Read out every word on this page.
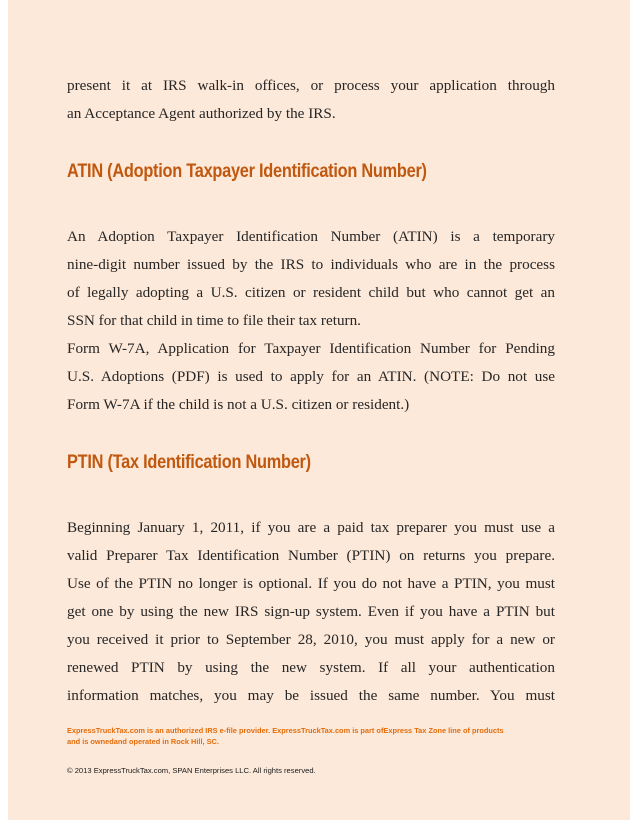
present it at IRS walk-in offices, or process your application through

an Acceptance Agent authorized by the IRS.

ATIN (Adoption Taxpayer Identification Number)

An Adoption Taxpayer Identification Number (ATIN) is a temporary

nine-digit number issued by the IRS to individuals who are in the process

of legally adopting a U.S. citizen or resident child but who cannot get an

SSN for that child in time to file their tax return.

Form W-7A, Application for Taxpayer Identification Number for Pending

U.S. Adoptions (PDF) is used to apply for an ATIN. (NOTE: Do not use

Form W-7A if the child is not a U.S. citizen or resident.)

PTIN (Tax Identification Number)

Beginning January 1, 2011, if you are a paid tax preparer you must use a

valid Preparer Tax Identification Number (PTIN) on returns you prepare.

Use of the PTIN no longer is optional. If you do not have a PTIN, you must

get one by using the new IRS sign-up system. Even if you have a PTIN but

you received it prior to September 28, 2010, you must apply for a new or

renewed PTIN by using the new system. If all your authentication

information matches, you may be issued the same number. You must

ExpressTruckTax.com is an authorized IRS e-file provider. ExpressTruckTax.com is part ofExpress Tax Zone line of products
and is ownedand operated in Rock Hill, SC.

© 2013 ExpressTruckTax.com, SPAN Enterprises LLC. All rights reserved.
